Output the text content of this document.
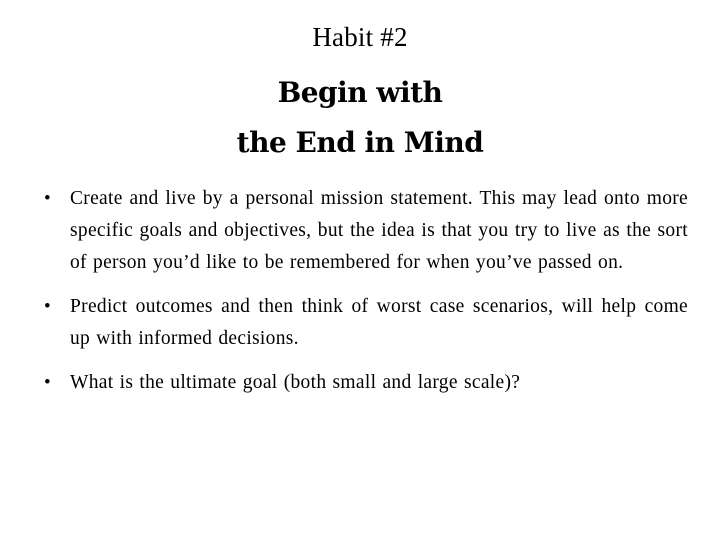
Habit #2
Begin with
the End in Mind
• Create and live by a personal mission statement. This may lead onto more specific goals and objectives, but the idea is that you try to live as the sort of person you’d like to be remembered for when you’ve passed on.
• Predict outcomes and then think of worst case scenarios, will help come up with informed decisions.
• What is the ultimate goal (both small and large scale)?
